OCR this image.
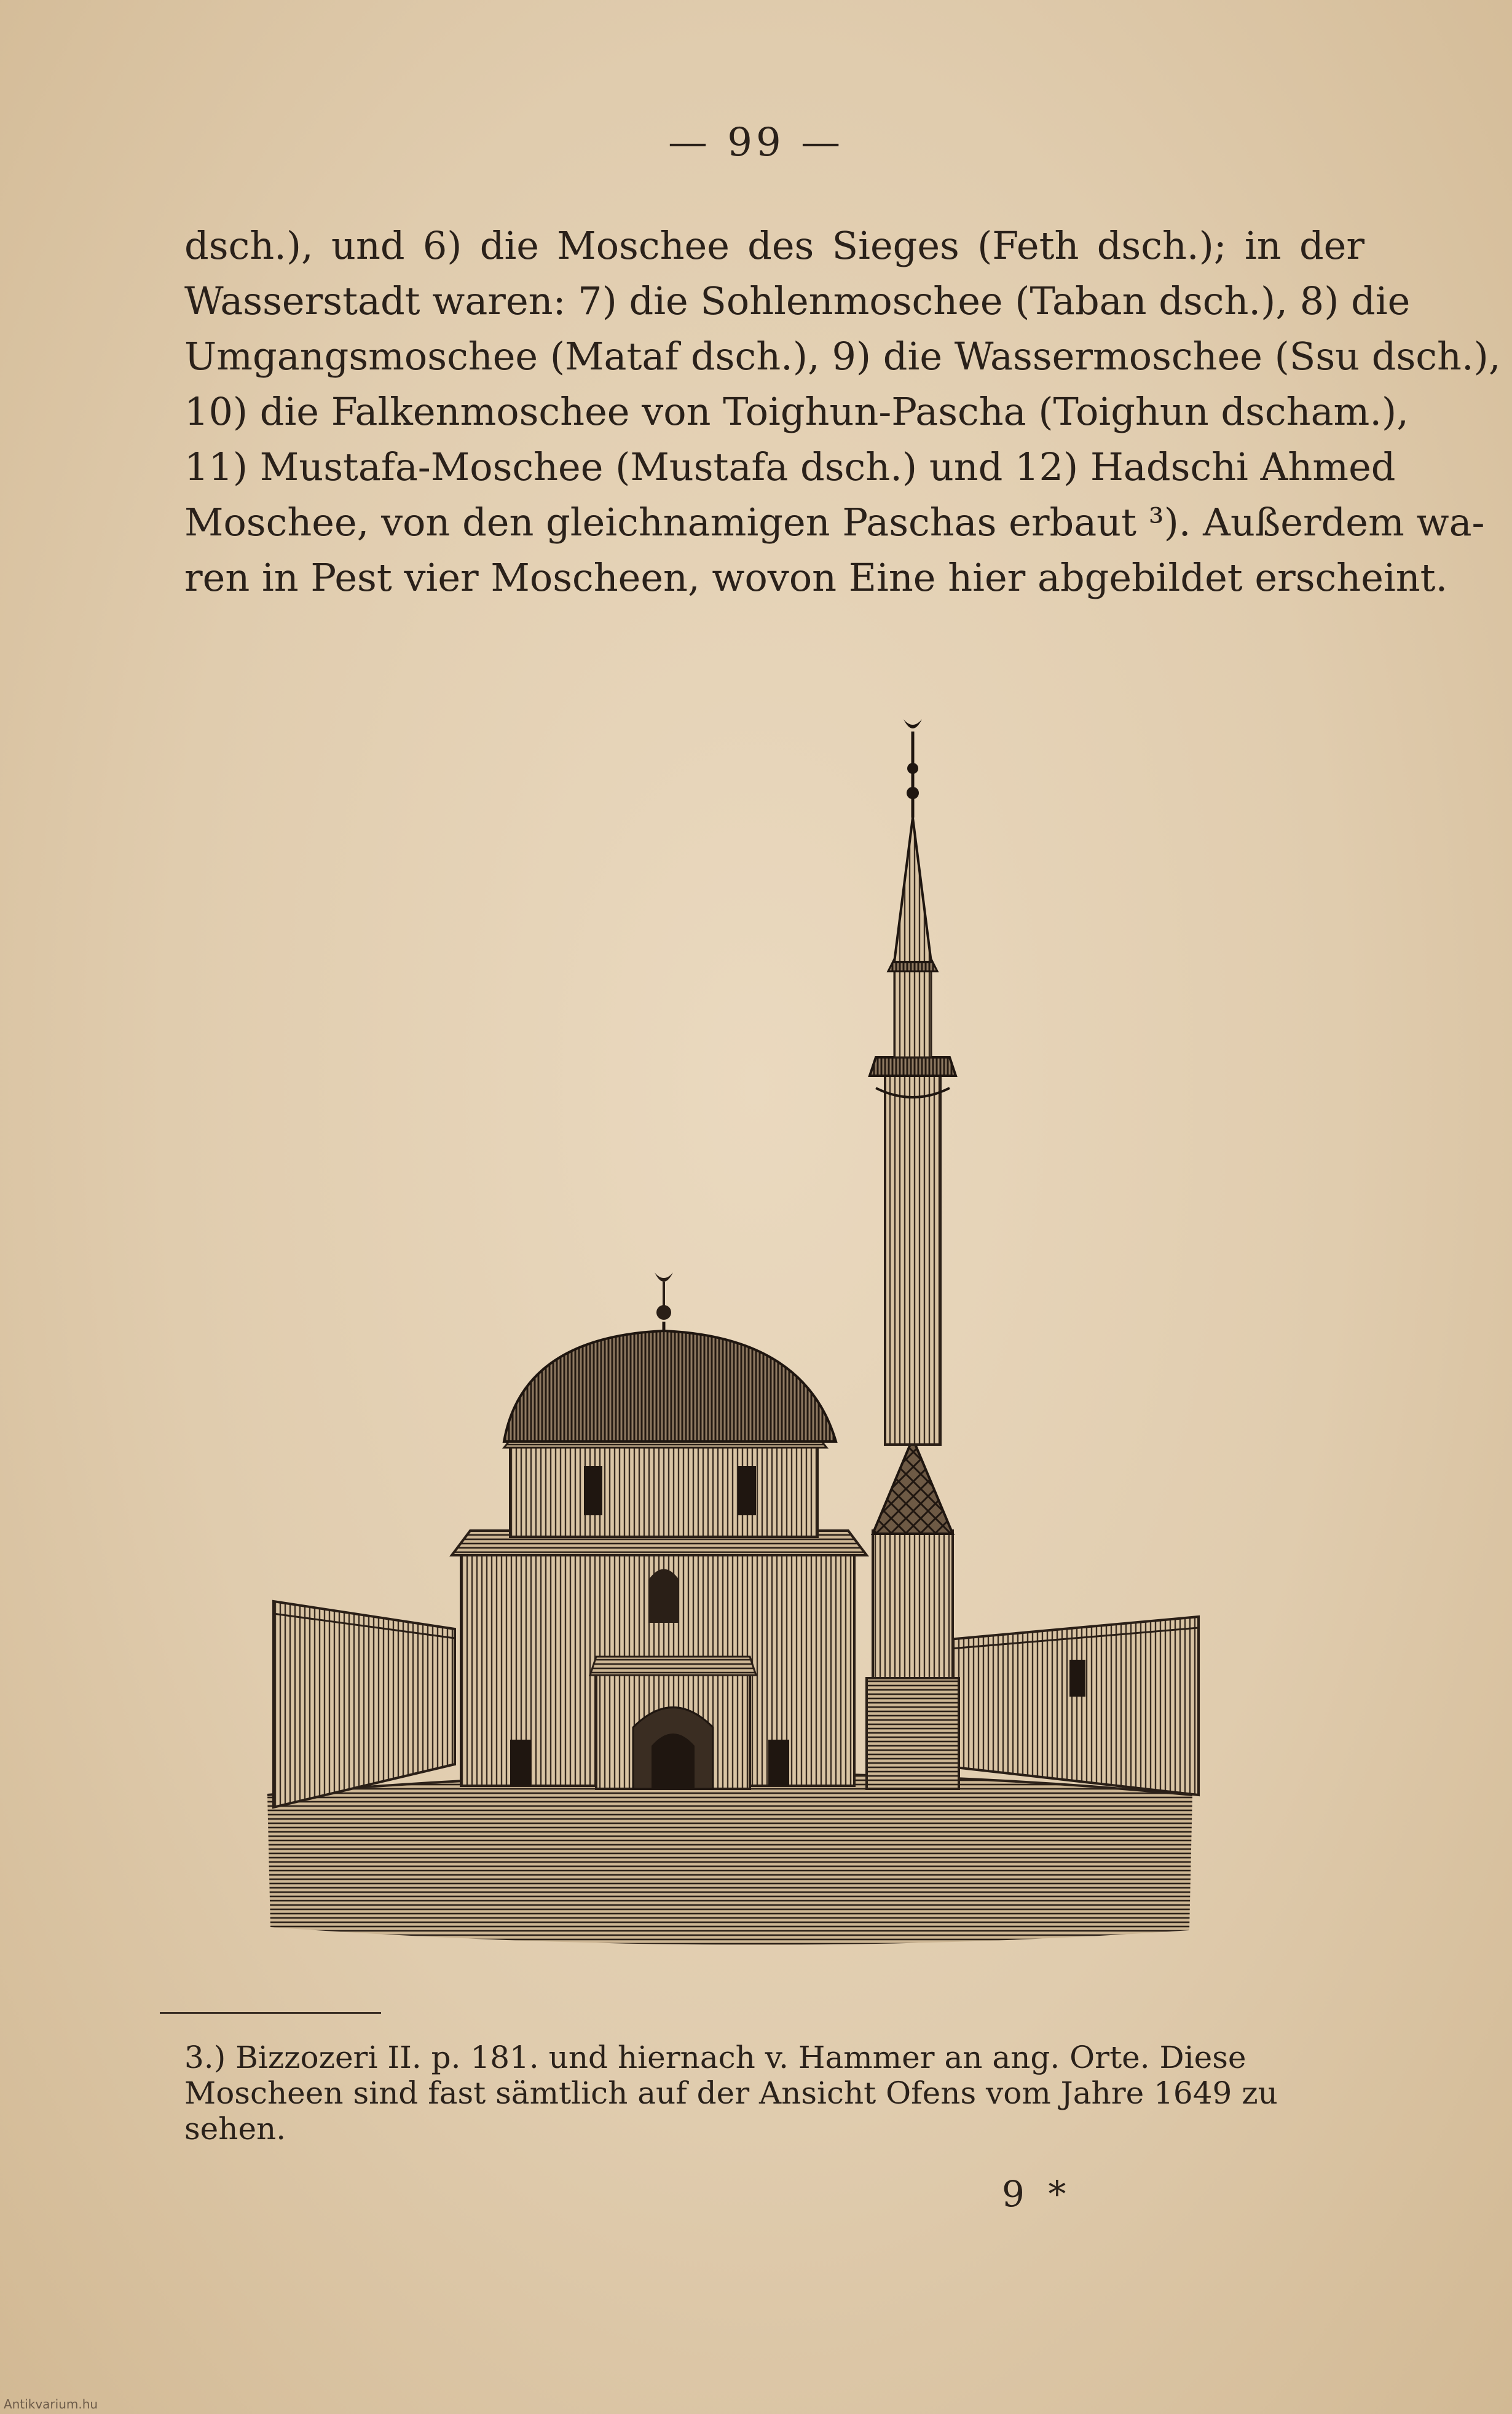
— 99 —
dsch.), und 6) die Moschee des Sieges (Feth dsch.); in der
Wasserstadt waren: 7) die Sohlenmoschee (Taban dsch.), 8) die
Umgangsmoschee (Mataf dsch.), 9) die Wassermoschee (Ssu dsch.),
10) die Falkenmoschee von Toighun-Pascha (Toighun dscham.),
11) Mustafa-Moschee (Mustafa dsch.) und 12) Hadschi Ahmed
Moschee, von den gleichnamigen Paschas erbaut ³). Außerdem wa-
ren in Pest vier Moscheen, wovon Eine hier abgebildet erscheint.
3.) Bizzozeri II. p. 181. und hiernach v. Hammer an ang. Orte. Diese
Moscheen sind fast sämtlich auf der Ansicht Ofens vom Jahre 1649 zu
sehen.
9 *
Antikvarium.hu
